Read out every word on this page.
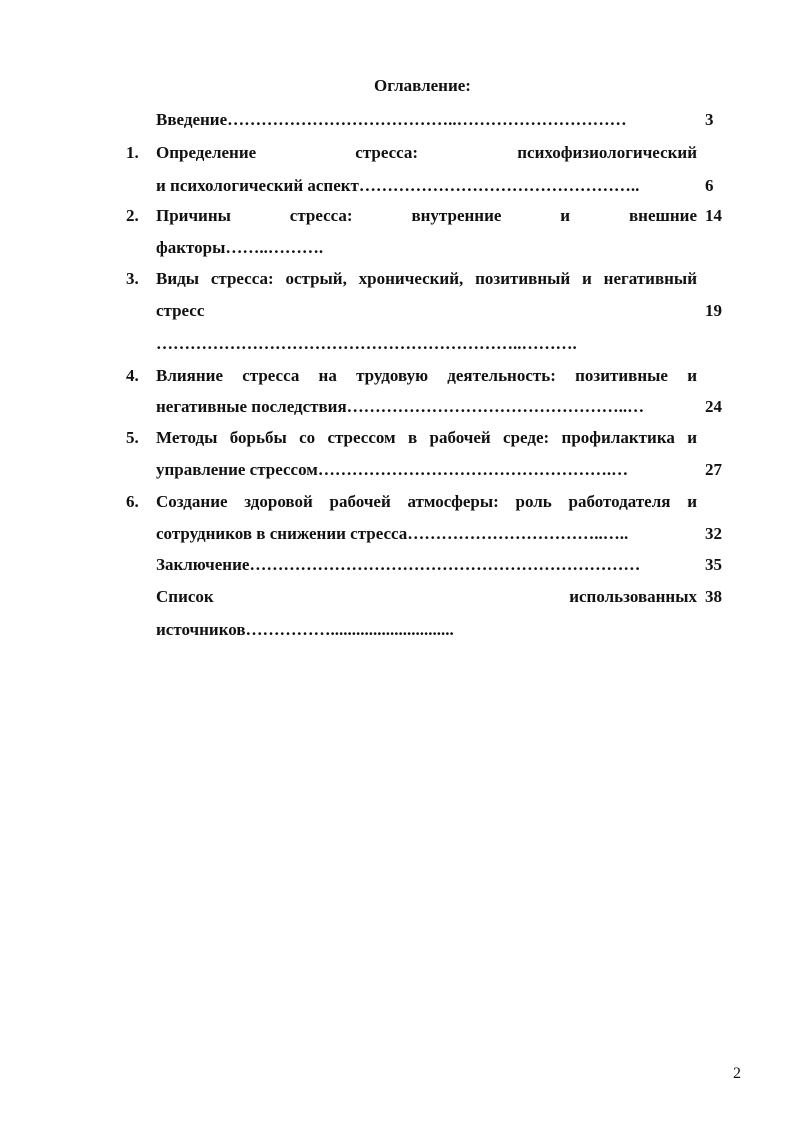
Оглавление:
Введение…………………………………..…………………………	3
1. Определение стресса: психофизиологический
и психологический аспект…………………………………………..	6
2. Причины стресса: внутренние и внешние 14
факторы……..……….
3. Виды стресса: острый, хронический, позитивный и негативный
стресс	19
………………………………………………………..……….
4. Влияние стресса на трудовую деятельность: позитивные и
негативные последствия…………………………………………..…	24
5. Методы борьбы со стрессом в рабочей среде: профилактика и
управление стрессом…………………………………………….…	27
6. Создание здоровой рабочей атмосферы: роль работодателя и
сотрудников в снижении стресса……………………………..…..	32
Заключение……………………………………………………………	35
Список использованных 38
источников…………….............................
2
